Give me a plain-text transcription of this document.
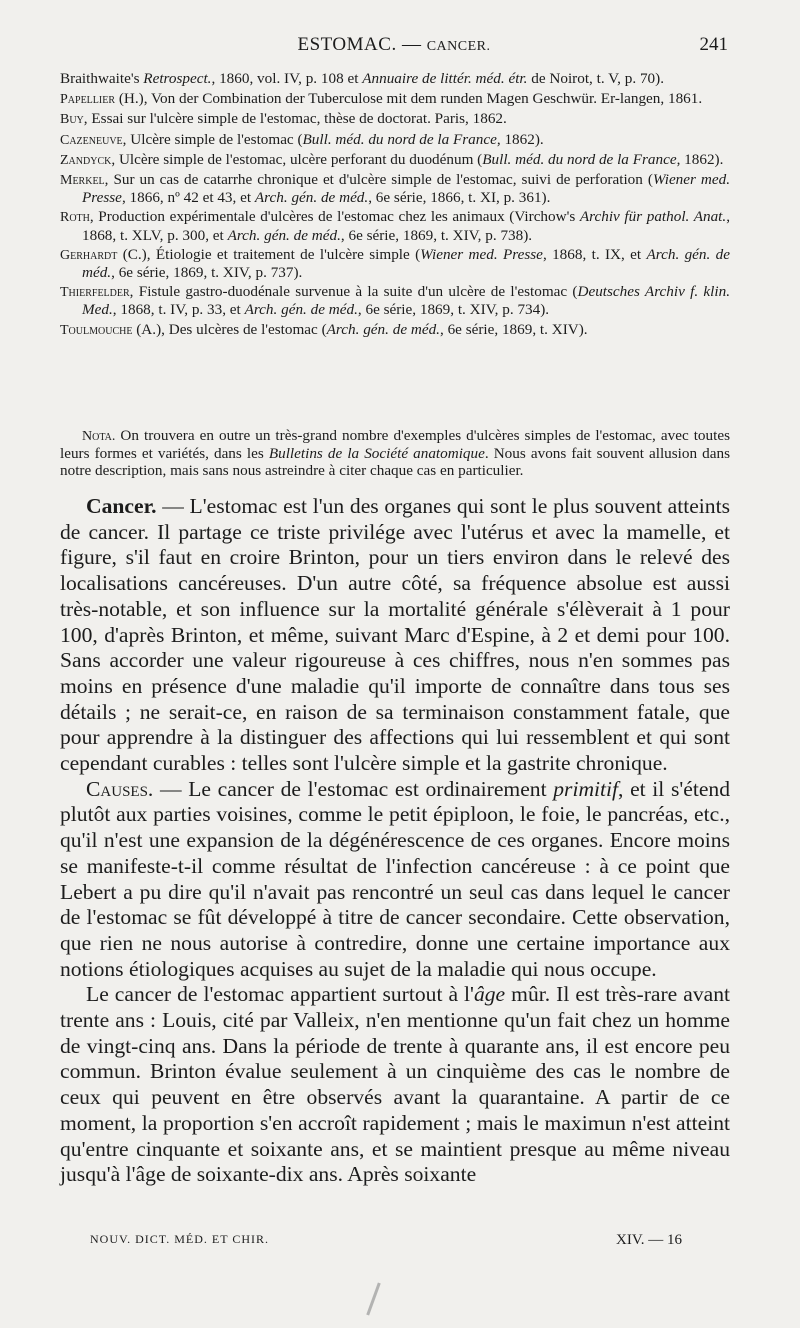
ESTOMAC. — CANCER.	241

Braithwaite's Retrospect., 1860, vol. IV, p. 108 et Annuaire de littér. méd. étr. de Noirot, t. V, p. 70).

Papellier (H.), Von der Combination der Tuberculose mit dem runden Magen Geschwür. Er-langen, 1861.

Buy, Essai sur l'ulcère simple de l'estomac, thèse de doctorat. Paris, 1862.

Cazeneuve, Ulcère simple de l'estomac (Bull. méd. du nord de la France, 1862).

Zandyck, Ulcère simple de l'estomac, ulcère perforant du duodénum (Bull. méd. du nord de la France, 1862).

Merkel, Sur un cas de catarrhe chronique et d'ulcère simple de l'estomac, suivi de perforation (Wiener med. Presse, 1866, nº 42 et 43, et Arch. gén. de méd., 6e série, 1866, t. XI, p. 361).

Roth, Production expérimentale d'ulcères de l'estomac chez les animaux (Virchow's Archiv für pathol. Anat., 1868, t. XLV, p. 300, et Arch. gén. de méd., 6e série, 1869, t. XIV, p. 738).

Gerhardt (C.), Étiologie et traitement de l'ulcère simple (Wiener med. Presse, 1868, t. IX, et Arch. gén. de méd., 6e série, 1869, t. XIV, p. 737).

Thierfelder, Fistule gastro-duodénale survenue à la suite d'un ulcère de l'estomac (Deutsches Archiv f. klin. Med., 1868, t. IV, p. 33, et Arch. gén. de méd., 6e série, 1869, t. XIV, p. 734).

Toulmouche (A.), Des ulcères de l'estomac (Arch. gén. de méd., 6e série, 1869, t. XIV).

Nota. On trouvera en outre un très-grand nombre d'exemples d'ulcères simples de l'estomac, avec toutes leurs formes et variétés, dans les Bulletins de la Société anatomique. Nous avons fait souvent allusion dans notre description, mais sans nous astreindre à citer chaque cas en particulier.

Cancer. — L'estomac est l'un des organes qui sont le plus souvent atteints de cancer. Il partage ce triste privilége avec l'utérus et avec la mamelle, et figure, s'il faut en croire Brinton, pour un tiers environ dans le relevé des localisations cancéreuses. D'un autre côté, sa fréquence absolue est aussi très-notable, et son influence sur la mortalité générale s'élèverait à 1 pour 100, d'après Brinton, et même, suivant Marc d'Espine, à 2 et demi pour 100. Sans accorder une valeur rigoureuse à ces chiffres, nous n'en sommes pas moins en présence d'une maladie qu'il importe de connaître dans tous ses détails ; ne serait-ce, en raison de sa terminaison constamment fatale, que pour apprendre à la distinguer des affections qui lui ressemblent et qui sont cependant curables : telles sont l'ulcère simple et la gastrite chronique.

Causes. — Le cancer de l'estomac est ordinairement primitif, et il s'étend plutôt aux parties voisines, comme le petit épiploon, le foie, le pancréas, etc., qu'il n'est une expansion de la dégénérescence de ces organes. Encore moins se manifeste-t-il comme résultat de l'infection cancéreuse : à ce point que Lebert a pu dire qu'il n'avait pas rencontré un seul cas dans lequel le cancer de l'estomac se fût développé à titre de cancer secondaire. Cette observation, que rien ne nous autorise à contredire, donne une certaine importance aux notions étiologiques acquises au sujet de la maladie qui nous occupe.

Le cancer de l'estomac appartient surtout à l'âge mûr. Il est très-rare avant trente ans : Louis, cité par Valleix, n'en mentionne qu'un fait chez un homme de vingt-cinq ans. Dans la période de trente à quarante ans, il est encore peu commun. Brinton évalue seulement à un cinquième des cas le nombre de ceux qui peuvent en être observés avant la quarantaine. A partir de ce moment, la proportion s'en accroît rapidement ; mais le maximun n'est atteint qu'entre cinquante et soixante ans, et se maintient presque au même niveau jusqu'à l'âge de soixante-dix ans. Après soixante

NOUV. DICT. MÉD. ET CHIR.	XIV. — 16
